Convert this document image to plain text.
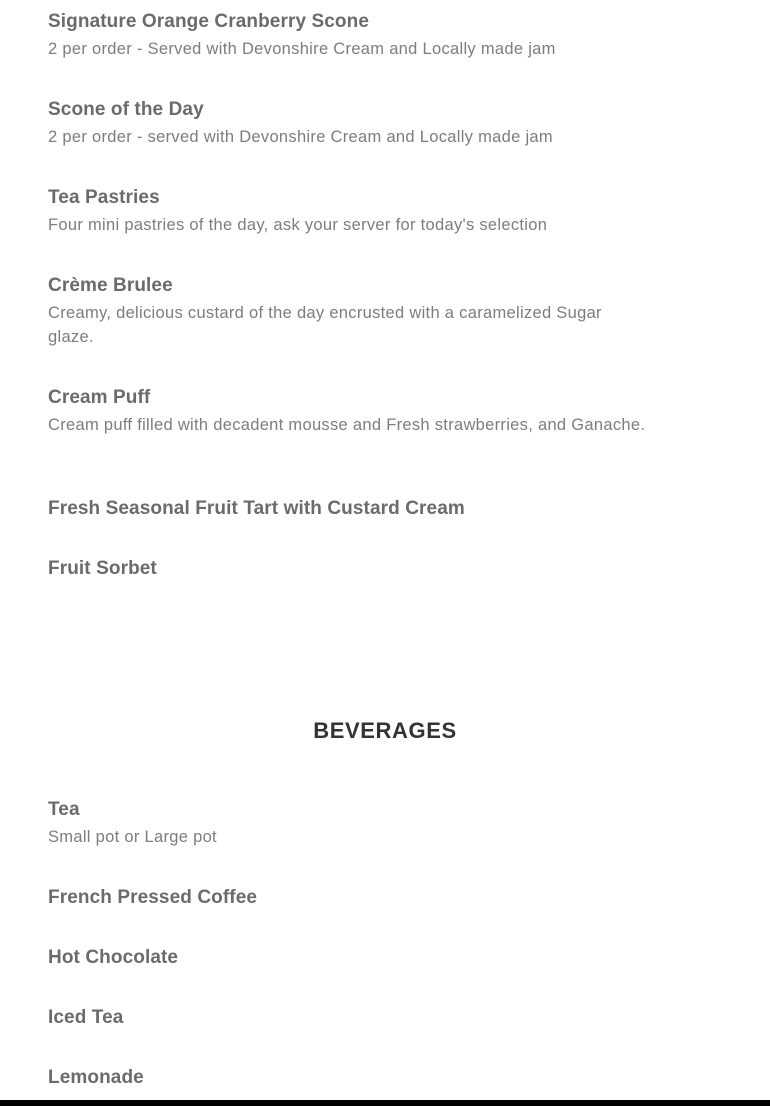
Signature Orange Cranberry Scone
2 per order - Served with Devonshire Cream and Locally made jam
Scone of the Day
2 per order - served with Devonshire Cream and Locally made jam
Tea Pastries
Four mini pastries of the day, ask your server for today's selection
Crème Brulee
Creamy, delicious custard of the day encrusted with a caramelized Sugar glaze.
Cream Puff
Cream puff filled with decadent mousse and Fresh strawberries, and Ganache.
Fresh Seasonal Fruit Tart with Custard Cream
Fruit Sorbet
BEVERAGES
Tea
Small pot or Large pot
French Pressed Coffee
Hot Chocolate
Iced Tea
Lemonade
